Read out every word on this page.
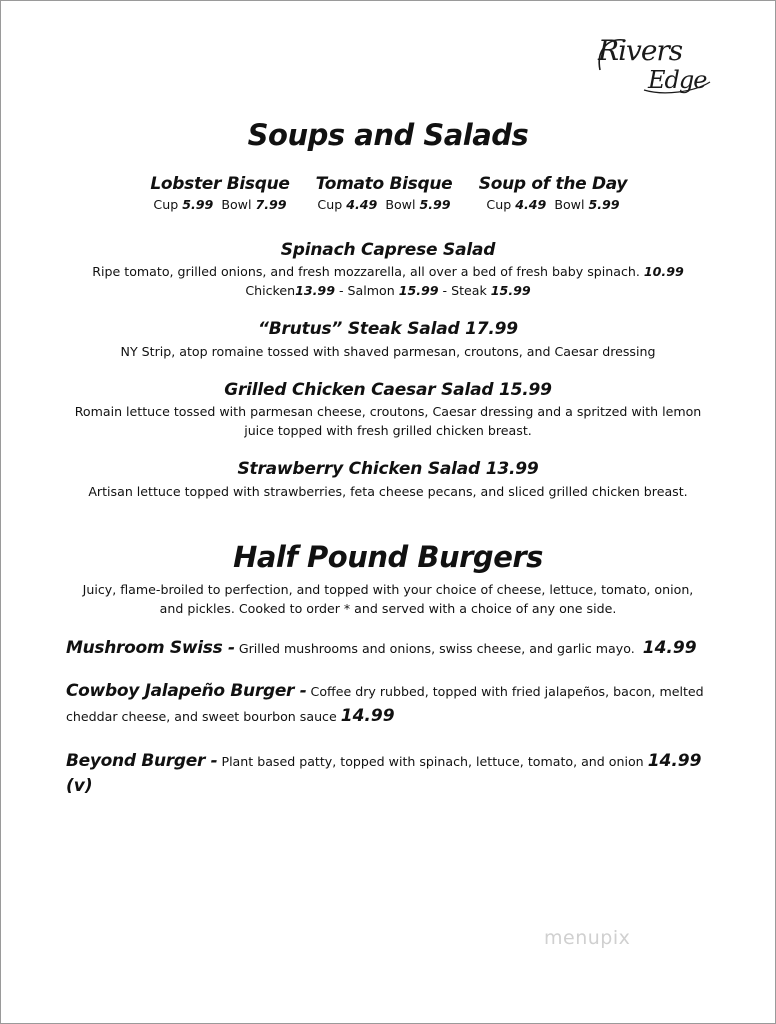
Rivers
Edge
Soups and Salads
Lobster Bisque
Cup 5.99 Bowl 7.99
Tomato Bisque
Cup 4.49 Bowl 5.99
Soup of the Day
Cup 4.49 Bowl 5.99
Spinach Caprese Salad
Ripe tomato, grilled onions, and fresh mozzarella, all over a bed of fresh baby spinach. 10.99
Chicken13.99 - Salmon 15.99 - Steak 15.99
“Brutus” Steak Salad 17.99
NY Strip, atop romaine tossed with shaved parmesan, croutons, and Caesar dressing
Grilled Chicken Caesar Salad 15.99
Romain lettuce tossed with parmesan cheese, croutons, Caesar dressing and a spritzed with lemon
juice topped with fresh grilled chicken breast.
Strawberry Chicken Salad 13.99
Artisan lettuce topped with strawberries, feta cheese pecans, and sliced grilled chicken breast.
Half Pound Burgers
Juicy, flame-broiled to perfection, and topped with your choice of cheese, lettuce, tomato, onion,
and pickles. Cooked to order * and served with a choice of any one side.
Mushroom Swiss - Grilled mushrooms and onions, swiss cheese, and garlic mayo. 14.99
Cowboy Jalapeño Burger - Coffee dry rubbed, topped with fried jalapeños, bacon, melted cheddar cheese, and sweet bourbon sauce 14.99
Beyond Burger - Plant based patty, topped with spinach, lettuce, tomato, and onion 14.99 (v)
menupix
